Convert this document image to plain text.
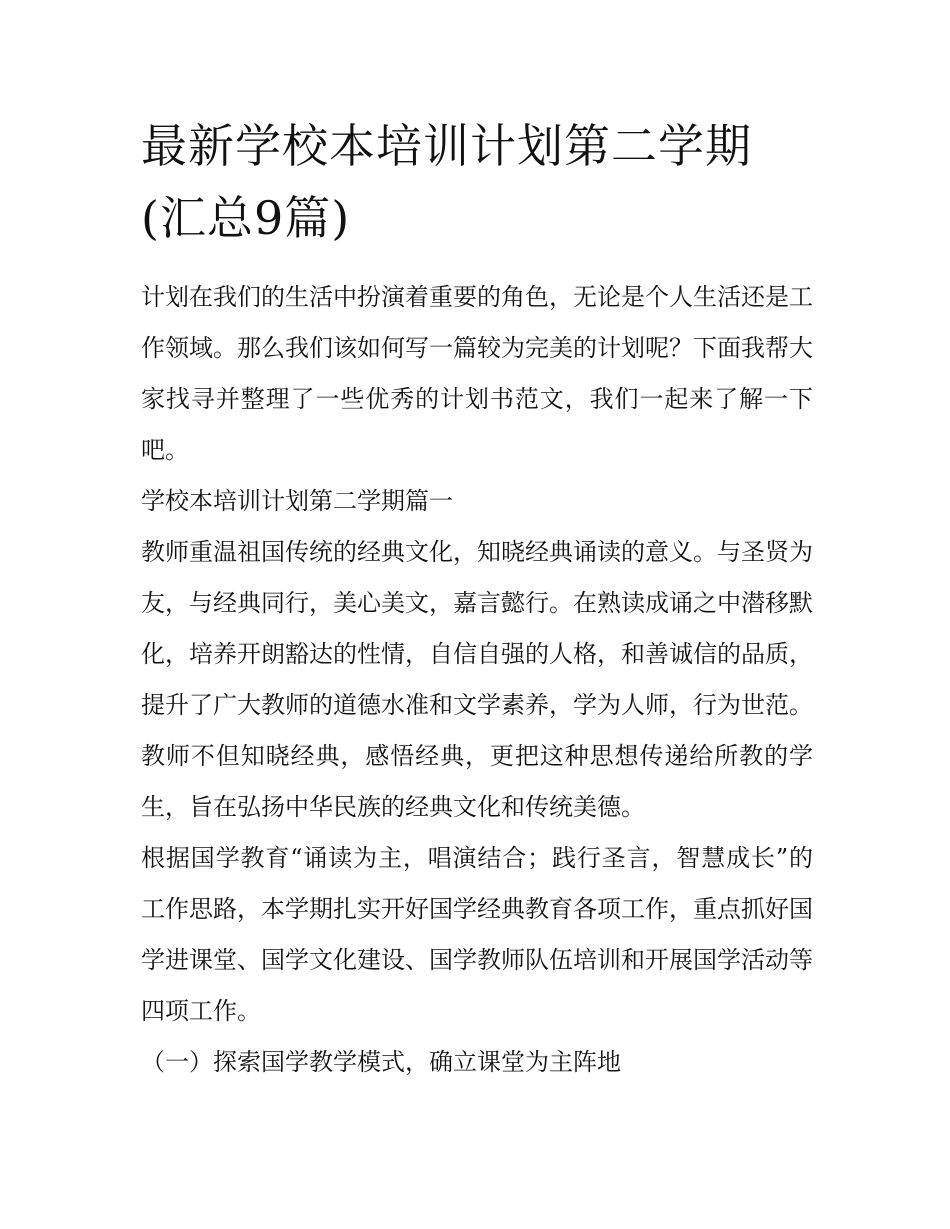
最新学校本培训计划第二学期(汇总9篇)

计划在我们的生活中扮演着重要的角色，无论是个人生活还是工作领域。那么我们该如何写一篇较为完美的计划呢？下面我帮大家找寻并整理了一些优秀的计划书范文，我们一起来了解一下吧。

学校本培训计划第二学期篇一

教师重温祖国传统的经典文化，知晓经典诵读的意义。与圣贤为友，与经典同行，美心美文，嘉言懿行。在熟读成诵之中潜移默化，培养开朗豁达的性情，自信自强的人格，和善诚信的品质，提升了广大教师的道德水准和文学素养，学为人师，行为世范。教师不但知晓经典，感悟经典，更把这种思想传递给所教的学生，旨在弘扬中华民族的经典文化和传统美德。

根据国学教育“诵读为主，唱演结合；践行圣言，智慧成长”的工作思路，本学期扎实开好国学经典教育各项工作，重点抓好国学进课堂、国学文化建设、国学教师队伍培训和开展国学活动等四项工作。

（一）探索国学教学模式，确立课堂为主阵地
